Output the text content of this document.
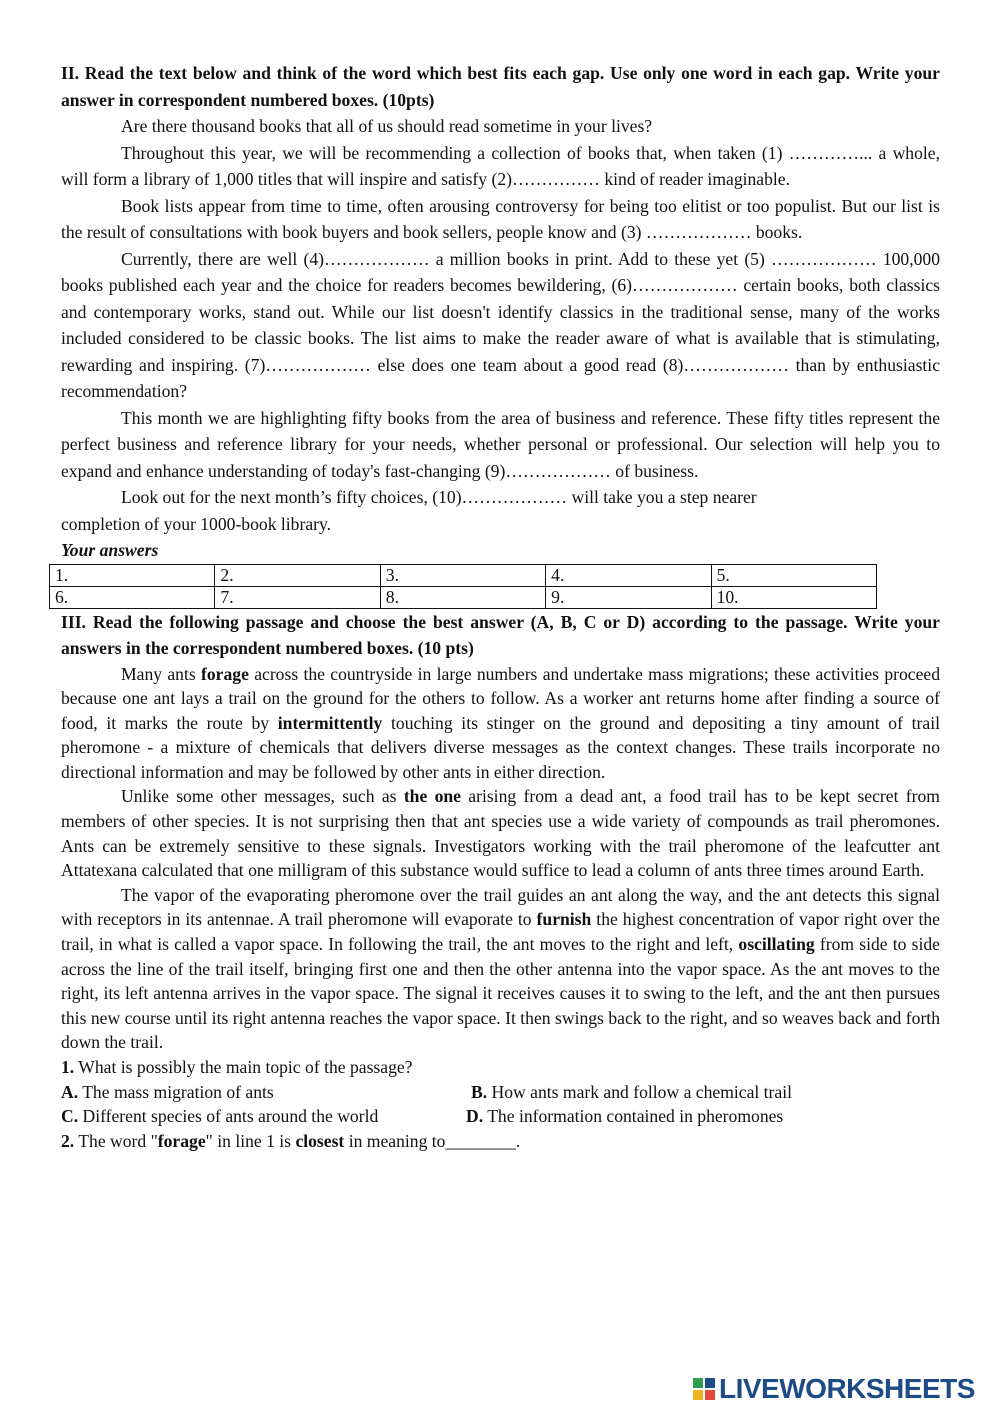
II. Read the text below and think of the word which best fits each gap. Use only one word in each gap. Write your answer in correspondent numbered boxes. (10pts)

Are there thousand books that all of us should read sometime in your lives?

Throughout this year, we will be recommending a collection of books that, when taken (1) …………... a whole, will form a library of 1,000 titles that will inspire and satisfy (2)…………… kind of reader imaginable.

Book lists appear from time to time, often arousing controversy for being too elitist or too populist. But our list is the result of consultations with book buyers and book sellers, people know and (3) ……………… books.

Currently, there are well (4)……………… a million books in print. Add to these yet (5) ……………… 100,000 books published each year and the choice for readers becomes bewildering, (6)……………… certain books, both classics and contemporary works, stand out. While our list doesn't identify classics in the traditional sense, many of the works included considered to be classic books. The list aims to make the reader aware of what is available that is stimulating, rewarding and inspiring. (7)……………… else does one team about a good read (8)……………… than by enthusiastic recommendation?

This month we are highlighting fifty books from the area of business and reference. These fifty titles represent the perfect business and reference library for your needs, whether personal or professional. Our selection will help you to expand and enhance understanding of today's fast-changing (9)……………… of business.

Look out for the next month’s fifty choices, (10)……………… will take you a step nearer

completion of your 1000-book library.

Your answers

1.	2.	3.	4.	5.
6.	7.	8.	9.	10.

III. Read the following passage and choose the best answer (A, B, C or D) according to the passage. Write your answers in the correspondent numbered boxes. (10 pts)

Many ants forage across the countryside in large numbers and undertake mass migrations; these activities proceed because one ant lays a trail on the ground for the others to follow. As a worker ant returns home after finding a source of food, it marks the route by intermittently touching its stinger on the ground and depositing a tiny amount of trail pheromone - a mixture of chemicals that delivers diverse messages as the context changes. These trails incorporate no directional information and may be followed by other ants in either direction.

Unlike some other messages, such as the one arising from a dead ant, a food trail has to be kept secret from members of other species. It is not surprising then that ant species use a wide variety of compounds as trail pheromones. Ants can be extremely sensitive to these signals. Investigators working with the trail pheromone of the leafcutter ant Attatexana calculated that one milligram of this substance would suffice to lead a column of ants three times around Earth.

The vapor of the evaporating pheromone over the trail guides an ant along the way, and the ant detects this signal with receptors in its antennae. A trail pheromone will evaporate to furnish the highest concentration of vapor right over the trail, in what is called a vapor space. In following the trail, the ant moves to the right and left, oscillating from side to side across the line of the trail itself, bringing first one and then the other antenna into the vapor space. As the ant moves to the right, its left antenna arrives in the vapor space. The signal it receives causes it to swing to the left, and the ant then pursues this new course until its right antenna reaches the vapor space. It then swings back to the right, and so weaves back and forth down the trail.

1. What is possibly the main topic of the passage?

A. The mass migration of ants	B. How ants mark and follow a chemical trail
C. Different species of ants around the world	D. The information contained in pheromones

2. The word "forage" in line 1 is closest in meaning to________.

LIVEWORKSHEETS
